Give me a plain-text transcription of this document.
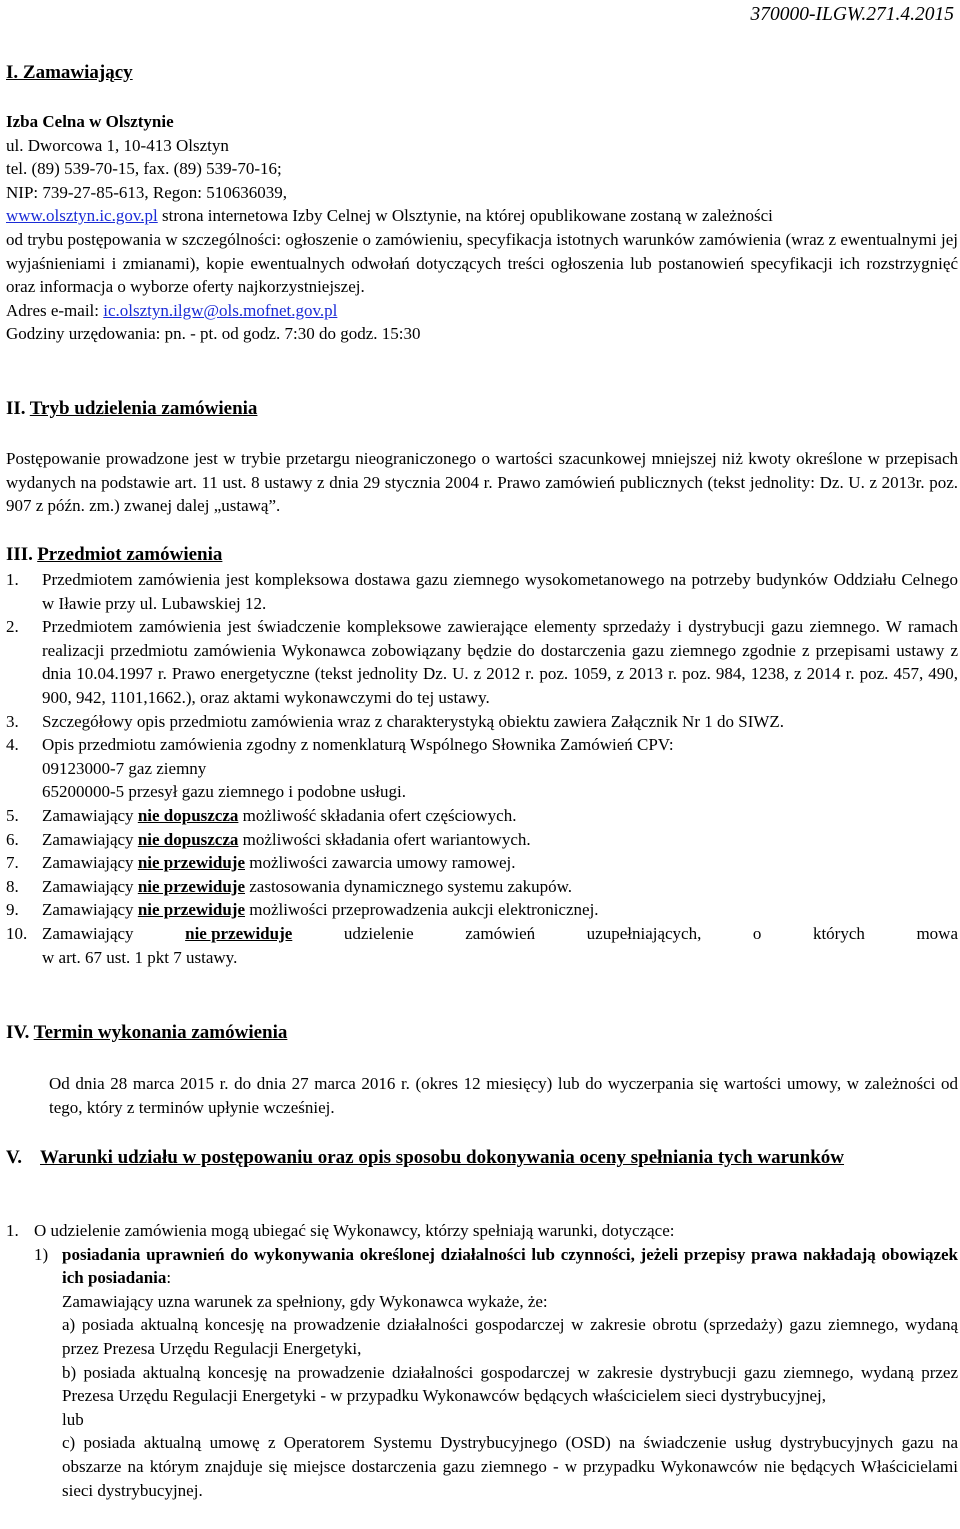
370000-ILGW.271.4.2015
I. Zamawiający
Izba Celna w Olsztynie
ul. Dworcowa 1, 10-413 Olsztyn
tel. (89) 539-70-15, fax. (89) 539-70-16;
NIP: 739-27-85-613, Regon: 510636039,
www.olsztyn.ic.gov.pl strona internetowa Izby Celnej w Olsztynie, na której opublikowane zostaną w zależności
od trybu postępowania w szczególności: ogłoszenie o zamówieniu, specyfikacja istotnych warunków zamówienia (wraz z ewentualnymi jej wyjaśnieniami i zmianami), kopie ewentualnych odwołań dotyczących treści ogłoszenia lub postanowień specyfikacji ich rozstrzygnięć oraz informacja o wyborze oferty najkorzystniejszej.
Adres e-mail: ic.olsztyn.ilgw@ols.mofnet.gov.pl
Godziny urzędowania: pn. - pt. od godz. 7:30 do godz. 15:30
II. Tryb udzielenia zamówienia
Postępowanie prowadzone jest w trybie przetargu nieograniczonego o wartości szacunkowej mniejszej niż kwoty określone w przepisach wydanych na podstawie art. 11 ust. 8 ustawy z dnia 29 stycznia 2004 r. Prawo zamówień publicznych (tekst jednolity: Dz. U. z 2013r. poz. 907 z późn. zm.) zwanej dalej „ustawą”.
III. Przedmiot zamówienia
1.	Przedmiotem zamówienia jest kompleksowa dostawa gazu ziemnego wysokometanowego na potrzeby budynków Oddziału Celnego w Iławie przy ul. Lubawskiej 12.
2.	Przedmiotem zamówienia jest świadczenie kompleksowe zawierające elementy sprzedaży i dystrybucji gazu ziemnego. W ramach realizacji przedmiotu zamówienia Wykonawca zobowiązany będzie do dostarczenia gazu ziemnego zgodnie z przepisami ustawy z dnia 10.04.1997 r. Prawo energetyczne (tekst jednolity Dz. U. z 2012 r. poz. 1059, z 2013 r. poz. 984, 1238, z 2014 r. poz. 457, 490, 900, 942, 1101,1662.), oraz aktami wykonawczymi do tej ustawy.
3.	Szczegółowy opis przedmiotu zamówienia wraz z charakterystyką obiektu zawiera Załącznik Nr 1 do SIWZ.
4.	Opis przedmiotu zamówienia zgodny z nomenklaturą Wspólnego Słownika Zamówień CPV:
09123000-7 gaz ziemny
65200000-5 przesył gazu ziemnego i podobne usługi.
5.	Zamawiający nie dopuszcza możliwość składania ofert częściowych.
6.	Zamawiający nie dopuszcza możliwości składania ofert wariantowych.
7.	Zamawiający nie przewiduje możliwości zawarcia umowy ramowej.
8.	Zamawiający nie przewiduje zastosowania dynamicznego systemu zakupów.
9.	Zamawiający nie przewiduje możliwości przeprowadzenia aukcji elektronicznej.
10. Zamawiający	nie przewiduje	udzielenie	zamówień	uzupełniających,	o	których	mowa
w art. 67 ust. 1 pkt 7 ustawy.
IV. Termin wykonania zamówienia
Od dnia 28 marca 2015 r. do dnia 27 marca 2016 r. (okres 12 miesięcy) lub do wyczerpania się wartości umowy, w zależności od tego, który z terminów upłynie wcześniej.
V. Warunki udziału w postępowaniu oraz opis sposobu dokonywania oceny spełniania tych warunków
1. O udzielenie zamówienia mogą ubiegać się Wykonawcy, którzy spełniają warunki, dotyczące:
1) posiadania uprawnień do wykonywania określonej działalności lub czynności, jeżeli przepisy prawa nakładają obowiązek ich posiadania:
Zamawiający uzna warunek za spełniony, gdy Wykonawca wykaże, że:
a) posiada aktualną koncesję na prowadzenie działalności gospodarczej w zakresie obrotu (sprzedaży) gazu ziemnego, wydaną przez Prezesa Urzędu Regulacji Energetyki,
b) posiada aktualną koncesję na prowadzenie działalności gospodarczej w zakresie dystrybucji gazu ziemnego, wydaną przez Prezesa Urzędu Regulacji Energetyki - w przypadku Wykonawców będących właścicielem sieci dystrybucyjnej,
lub
c) posiada aktualną umowę z Operatorem Systemu Dystrybucyjnego (OSD) na świadczenie usług dystrybucyjnych gazu na obszarze na którym znajduje się miejsce dostarczenia gazu ziemnego - w przypadku Wykonawców nie będących Właścicielami sieci dystrybucyjnej.
